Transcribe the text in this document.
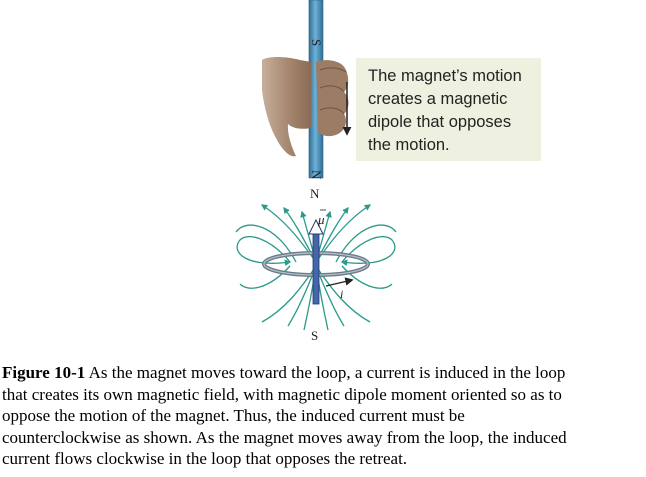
S
N
μ
i
N
S
The magnet’s motion
creates a magnetic
dipole that opposes
the motion.
Figure 10-1 As the magnet moves toward the loop, a current is induced in the loop
that creates its own magnetic field, with magnetic dipole moment oriented so as to
oppose the motion of the magnet. Thus, the induced current must be
counterclockwise as shown. As the magnet moves away from the loop, the induced
current flows clockwise in the loop that opposes the retreat.
